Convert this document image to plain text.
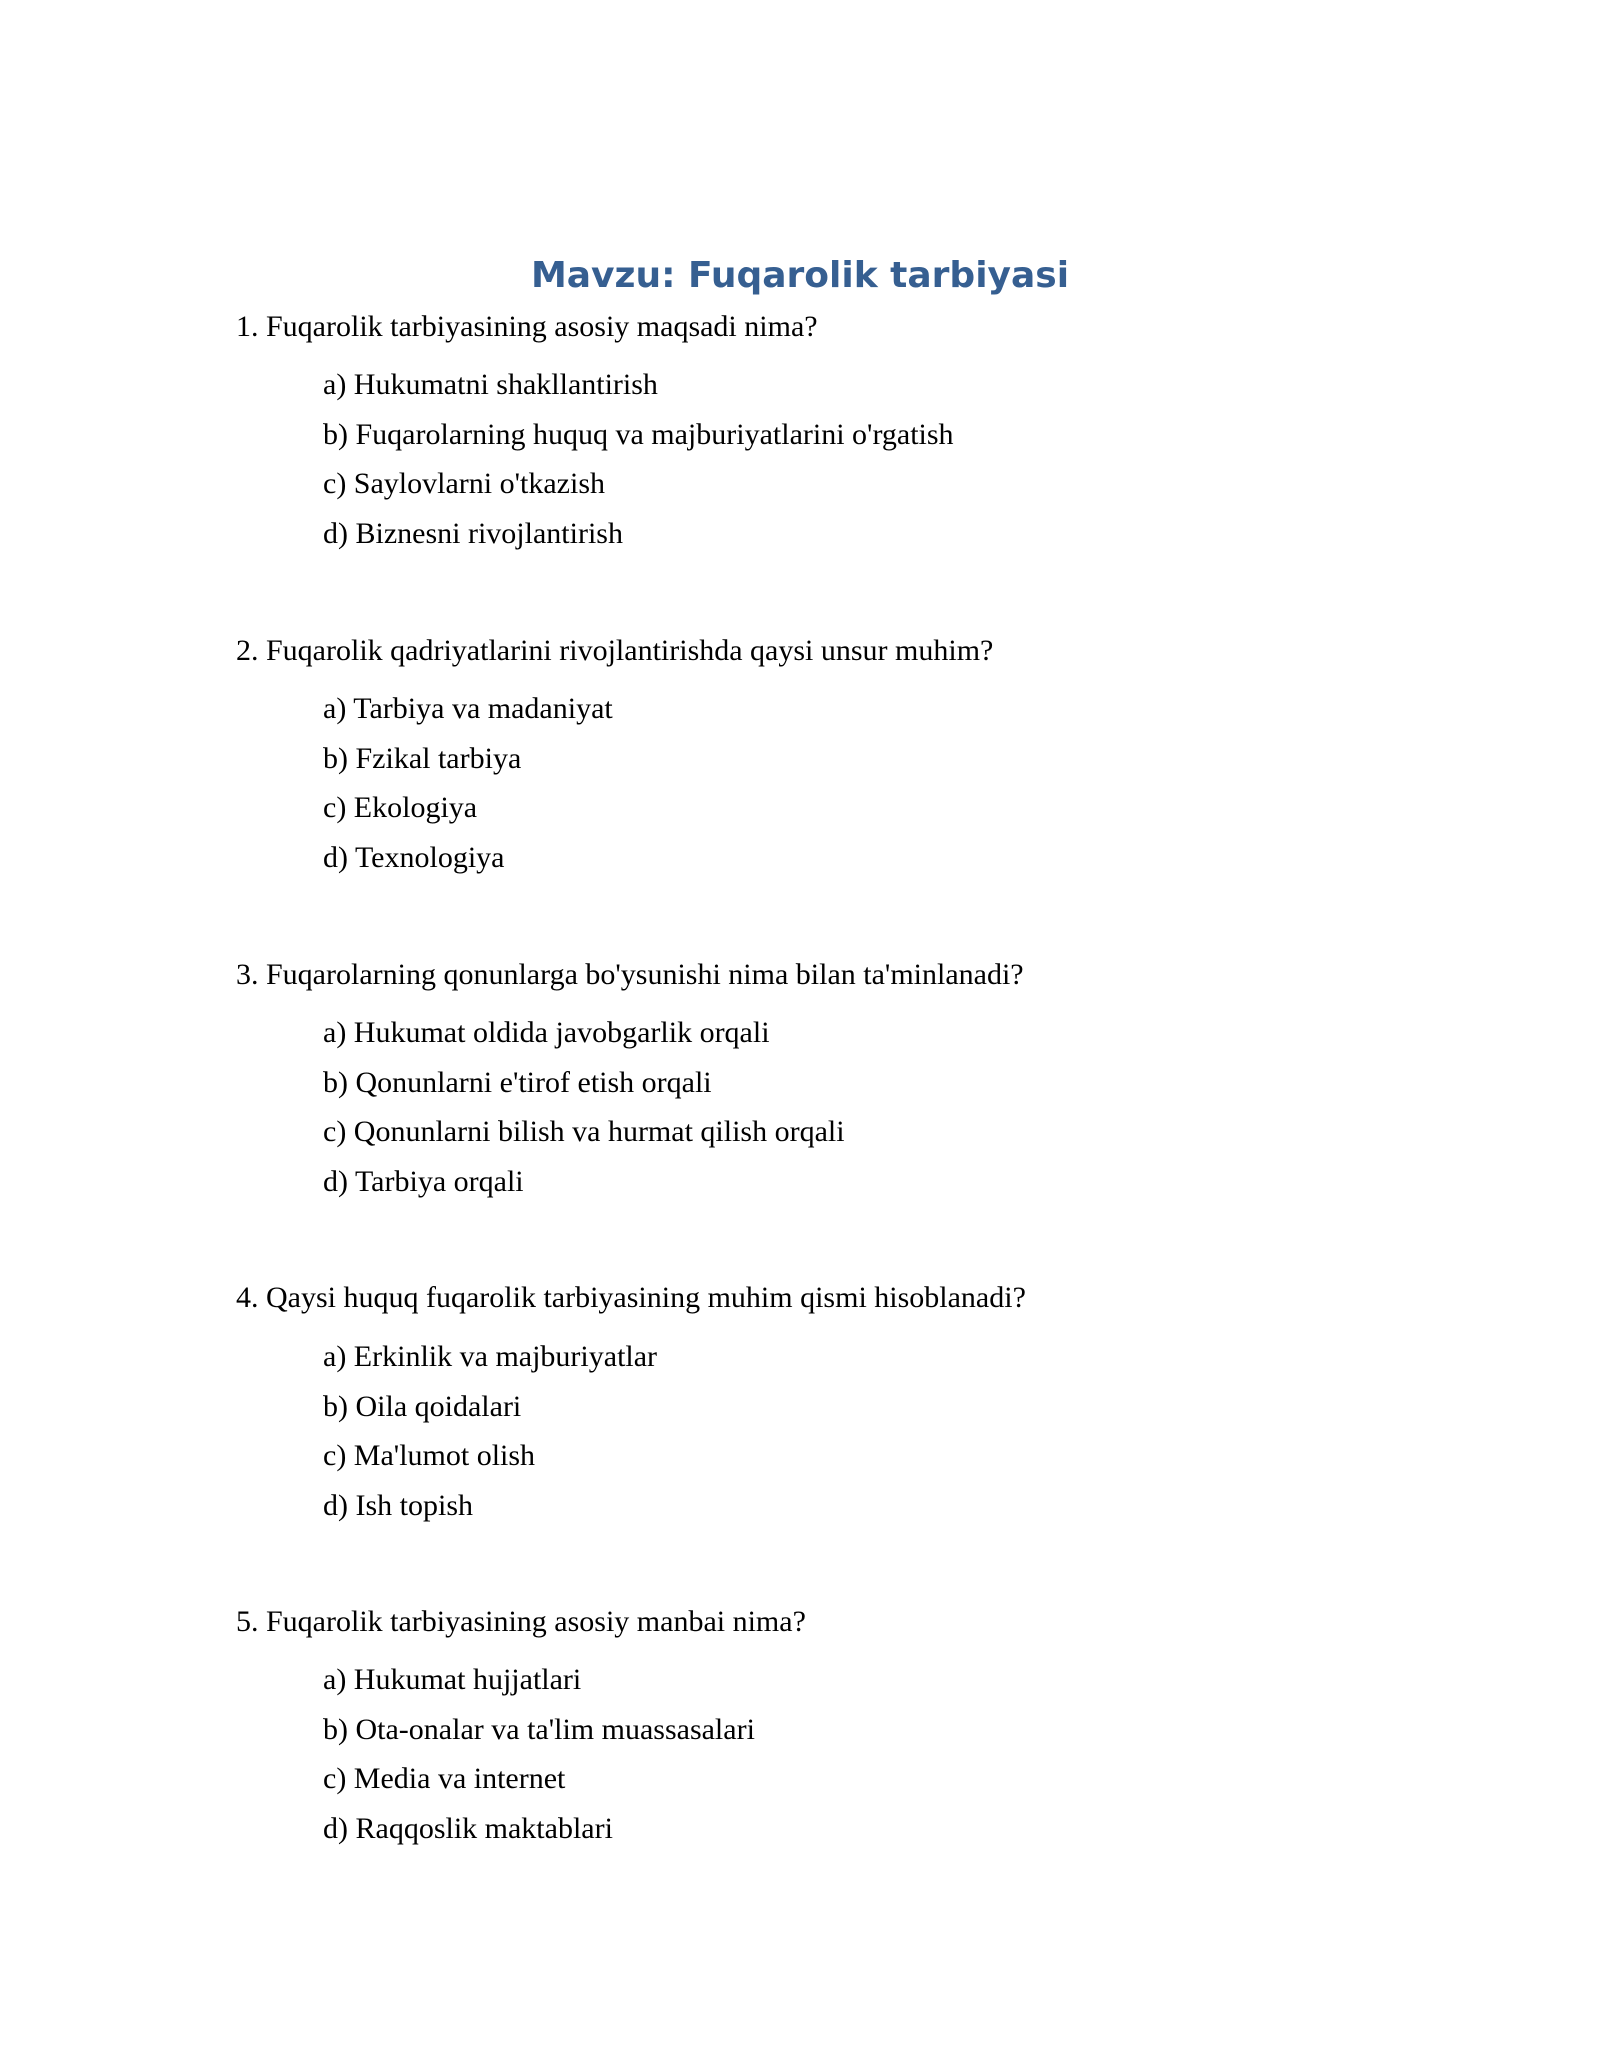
Mavzu: Fuqarolik tarbiyasi
1. Fuqarolik tarbiyasining asosiy maqsadi nima?
a) Hukumatni shakllantirish
b) Fuqarolarning huquq va majburiyatlarini o'rgatish
c) Saylovlarni o'tkazish
d) Biznesni rivojlantirish
2. Fuqarolik qadriyatlarini rivojlantirishda qaysi unsur muhim?
a) Tarbiya va madaniyat
b) Fzikal tarbiya
c) Ekologiya
d) Texnologiya
3. Fuqarolarning qonunlarga bo'ysunishi nima bilan ta'minlanadi?
a) Hukumat oldida javobgarlik orqali
b) Qonunlarni e'tirof etish orqali
c) Qonunlarni bilish va hurmat qilish orqali
d) Tarbiya orqali
4. Qaysi huquq fuqarolik tarbiyasining muhim qismi hisoblanadi?
a) Erkinlik va majburiyatlar
b) Oila qoidalari
c) Ma'lumot olish
d) Ish topish
5. Fuqarolik tarbiyasining asosiy manbai nima?
a) Hukumat hujjatlari
b) Ota-onalar va ta'lim muassasalari
c) Media va internet
d) Raqqoslik maktablari
